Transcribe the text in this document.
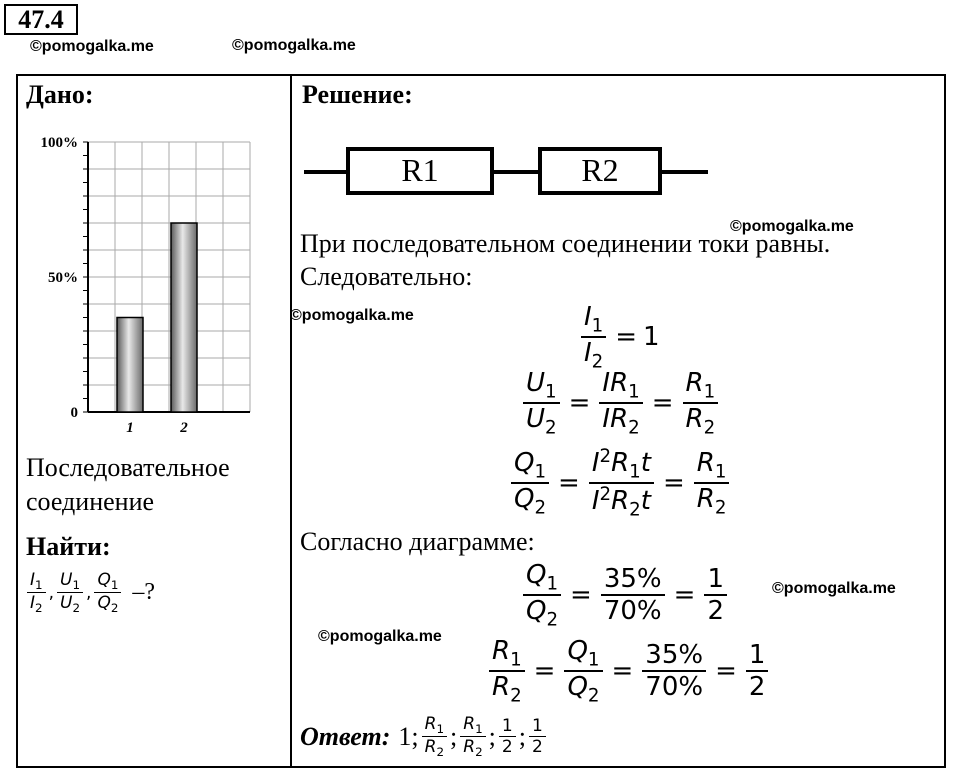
47.4
©pomogalka.me	©pomogalka.me
Дано:
0
50%
100%
1	2
Последовательное
соединение
Найти:
$\frac{I_1}{I_2}$ , $\frac{U_1}{U_2}$ , $\frac{Q_1}{Q_2}$ –?
Решение:
R1	R2
©pomogalka.me
При последовательном соединении токи равны.
Следовательно:
©pomogalka.me	$\frac{I_1}{I_2} = 1$
$\frac{U_1}{U_2} = \frac{IR_1}{IR_2} = \frac{R_1}{R_2}$
$\frac{Q_1}{Q_2} = \frac{I^2R_1t}{I^2R_2t} = \frac{R_1}{R_2}$
Согласно диаграмме:
$\frac{Q_1}{Q_2} = \frac{35\%}{70\%} = \frac{1}{2}$	©pomogalka.me
©pomogalka.me $\frac{R_1}{R_2} = \frac{Q_1}{Q_2} = \frac{35\%}{70\%} = \frac{1}{2}$
Ответ: 1 ; $\frac{R_1}{R_2}$ ; $\frac{R_1}{R_2}$ ; $\frac{1}{2}$ ; $\frac{1}{2}$
